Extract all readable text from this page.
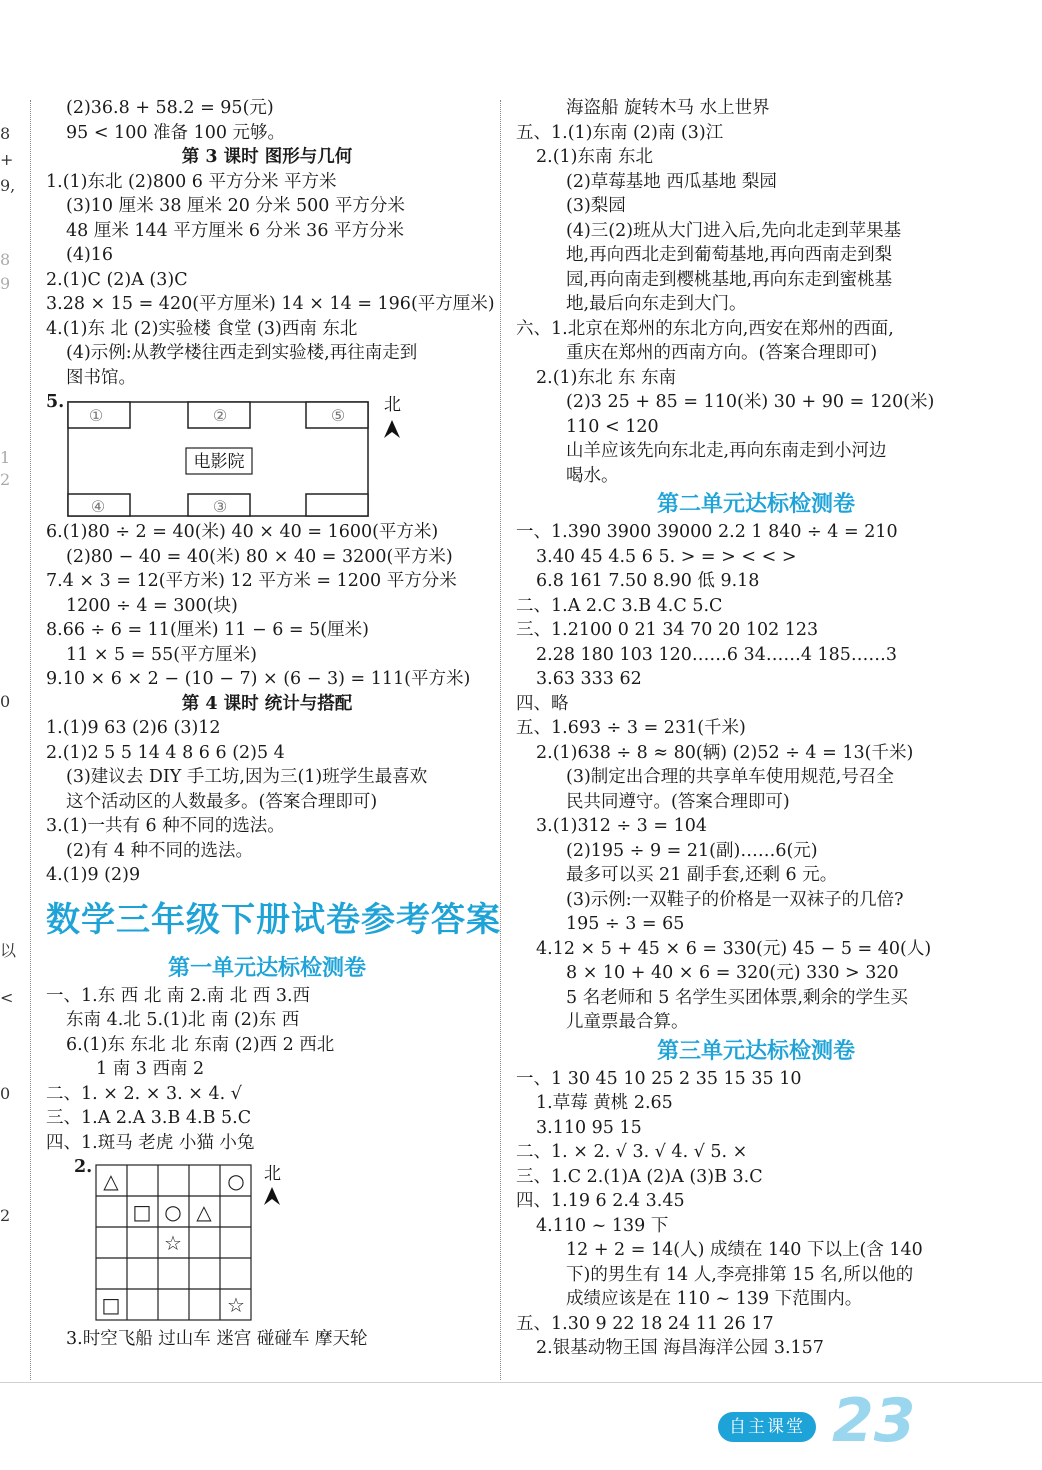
8
+
9,
8
9
1
2
0
以
<
0
2
(2)36.8 + 58.2 = 95(元)
95 < 100 准备 100 元够。
第 3 课时 图形与几何
1.(1)东北 (2)800 6 平方分米 平方米
(3)10 厘米 38 厘米 20 分米 500 平方分米
48 厘米 144 平方厘米 6 分米 36 平方分米
(4)16
2.(1)C (2)A (3)C
3.28 × 15 = 420(平方厘米) 14 × 14 = 196(平方厘米)
4.(1)东 北 (2)实验楼 食堂 (3)西南 东北
(4)示例:从教学楼往西走到实验楼,再往南走到
图书馆。
5.
电影院
①	②	⑤
④	③
北
6.(1)80 ÷ 2 = 40(米) 40 × 40 = 1600(平方米)
(2)80 − 40 = 40(米) 80 × 40 = 3200(平方米)
7.4 × 3 = 12(平方米) 12 平方米 = 1200 平方分米
1200 ÷ 4 = 300(块)
8.66 ÷ 6 = 11(厘米) 11 − 6 = 5(厘米)
11 × 5 = 55(平方厘米)
9.10 × 6 × 2 − (10 − 7) × (6 − 3) = 111(平方米)
第 4 课时 统计与搭配
1.(1)9 63 (2)6 (3)12
2.(1)2 5 5 14 4 8 6 6 (2)5 4
(3)建议去 DIY 手工坊,因为三(1)班学生最喜欢
这个活动区的人数最多。(答案合理即可)
3.(1)一共有 6 种不同的选法。
(2)有 4 种不同的选法。
4.(1)9 (2)9
数学三年级下册试卷参考答案
第一单元达标检测卷
一、1.东 西 北 南 2.南 北 西 3.西
东南 4.北 5.(1)北 南 (2)东 西
6.(1)东 东北 北 东南 (2)西 2 西北
1 南 3 西南 2
二、1. × 2. × 3. × 4. √
三、1.A 2.A 3.B 4.B 5.C
四、1.斑马 老虎 小猫 小兔
2.
△	○
□ ○ △
☆
□	☆
北
3.时空飞船 过山车 迷宫 碰碰车 摩天轮
海盗船 旋转木马 水上世界
五、1.(1)东南 (2)南 (3)江
2.(1)东南 东北
(2)草莓基地 西瓜基地 梨园
(3)梨园
(4)三(2)班从大门进入后,先向北走到苹果基
地,再向西北走到葡萄基地,再向西南走到梨
园,再向南走到樱桃基地,再向东走到蜜桃基
地,最后向东走到大门。
六、1.北京在郑州的东北方向,西安在郑州的西面,
重庆在郑州的西南方向。(答案合理即可)
2.(1)东北 东 东南
(2)3 25 + 85 = 110(米) 30 + 90 = 120(米)
110 < 120
山羊应该先向东北走,再向东南走到小河边
喝水。
第二单元达标检测卷
一、1.390 3900 39000 2.2 1 840 ÷ 4 = 210
3.40 45 4.5 6 5. > = > < < >
6.8 161 7.50 8.90 低 9.18
二、1.A 2.C 3.B 4.C 5.C
三、1.2100 0 21 34 70 20 102 123
2.28 180 103 120……6 34……4 185……3
3.63 333 62
四、略
五、1.693 ÷ 3 = 231(千米)
2.(1)638 ÷ 8 ≈ 80(辆) (2)52 ÷ 4 = 13(千米)
(3)制定出合理的共享单车使用规范,号召全
民共同遵守。(答案合理即可)
3.(1)312 ÷ 3 = 104
(2)195 ÷ 9 = 21(副)……6(元)
最多可以买 21 副手套,还剩 6 元。
(3)示例:一双鞋子的价格是一双袜子的几倍?
195 ÷ 3 = 65
4.12 × 5 + 45 × 6 = 330(元) 45 − 5 = 40(人)
8 × 10 + 40 × 6 = 320(元) 330 > 320
5 名老师和 5 名学生买团体票,剩余的学生买
儿童票最合算。
第三单元达标检测卷
一、1 30 45 10 25 2 35 15 35 10
1.草莓 黄桃 2.65
3.110 95 15
二、1. × 2. √ 3. √ 4. √ 5. ×
三、1.C 2.(1)A (2)A (3)B 3.C
四、1.19 6 2.4 3.45
4.110 ~ 139 下
12 + 2 = 14(人) 成绩在 140 下以上(含 140
下)的男生有 14 人,李亮排第 15 名,所以他的
成绩应该是在 110 ~ 139 下范围内。
五、1.30 9 22 18 24 11 26 17
2.银基动物王国 海昌海洋公园 3.157
自主课堂 23
